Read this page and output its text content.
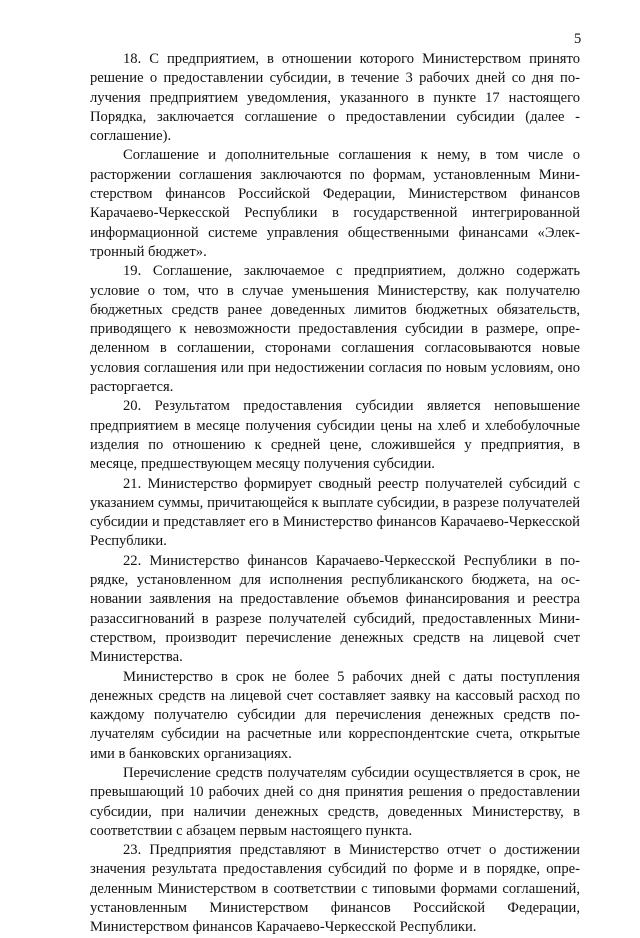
5

18. С предприятием, в отношении которого Министерством принято решение о предоставлении субсидии, в течение 3 рабочих дней со дня получения предприятием уведомления, указанного в пункте 17 настоящего Порядка, заключается соглашение о предоставлении субсидии (далее - соглашение).

Соглашение и дополнительные соглашения к нему, в том числе о расторжении соглашения заключаются по формам, установленным Министерством финансов Российской Федерации, Министерством финансов Карачаево-Черкесской Республики в государственной интегрированной информационной системе управления общественными финансами «Электронный бюджет».

19. Соглашение, заключаемое с предприятием, должно содержать условие о том, что в случае уменьшения Министерству, как получателю бюджетных средств ранее доведенных лимитов бюджетных обязательств, приводящего к невозможности предоставления субсидии в размере, определенном в соглашении, сторонами соглашения согласовываются новые условия соглашения или при недостижении согласия по новым условиям, оно расторгается.

20. Результатом предоставления субсидии является неповышение предприятием в месяце получения субсидии цены на хлеб и хлебобулочные изделия по отношению к средней цене, сложившейся у предприятия, в месяце, предшествующем месяцу получения субсидии.

21. Министерство формирует сводный реестр получателей субсидий с указанием суммы, причитающейся к выплате субсидии, в разрезе получателей субсидии и представляет его в Министерство финансов Карачаево-Черкесской Республики.

22. Министерство финансов Карачаево-Черкесской Республики в порядке, установленном для исполнения республиканского бюджета, на основании заявления на предоставление объемов финансирования и реестра разассигнований в разрезе получателей субсидий, предоставленных Министерством, производит перечисление денежных средств на лицевой счет Министерства.

Министерство в срок не более 5 рабочих дней с даты поступления денежных средств на лицевой счет составляет заявку на кассовый расход по каждому получателю субсидии для перечисления денежных средств получателям субсидии на расчетные или корреспондентские счета, открытые ими в банковских организациях.

Перечисление средств получателям субсидии осуществляется в срок, не превышающий 10 рабочих дней со дня принятия решения о предоставлении субсидии, при наличии денежных средств, доведенных Министерству, в соответствии с абзацем первым настоящего пункта.

23. Предприятия представляют в Министерство отчет о достижении значения результата предоставления субсидий по форме и в порядке, определенным Министерством в соответствии с типовыми формами соглашений, установленным Министерством финансов Российской Федерации, Министерством финансов Карачаево-Черкесской Республики.
